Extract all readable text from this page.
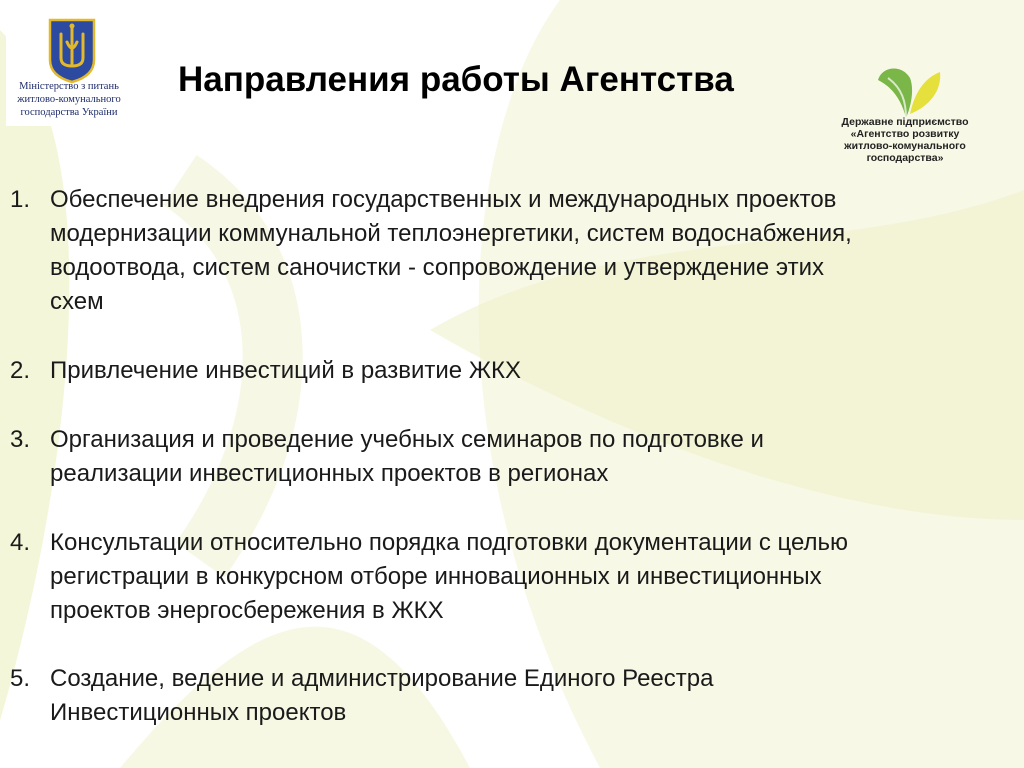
Міністерство з питань
житлово-комунального
господарства України
Направления работы Агентства
Державне підприємство
«Агентство розвитку
житлово-комунального
господарства»
1. Обеспечение внедрения государственных и международных проектов
модернизации коммунальной теплоэнергетики, систем водоснабжения,
водоотвода, систем саночистки - сопровождение и утверждение этих
схем
2. Привлечение инвестиций в развитие ЖКХ
3. Организация и проведение учебных семинаров по подготовке и
реализации инвестиционных проектов в регионах
4. Консультации относительно порядка подготовки документации с целью
регистрации в конкурсном отборе инновационных и инвестиционных
проектов энергосбережения в ЖКХ
5. Создание, ведение и администрирование Единого Реестра
Инвестиционных проектов
